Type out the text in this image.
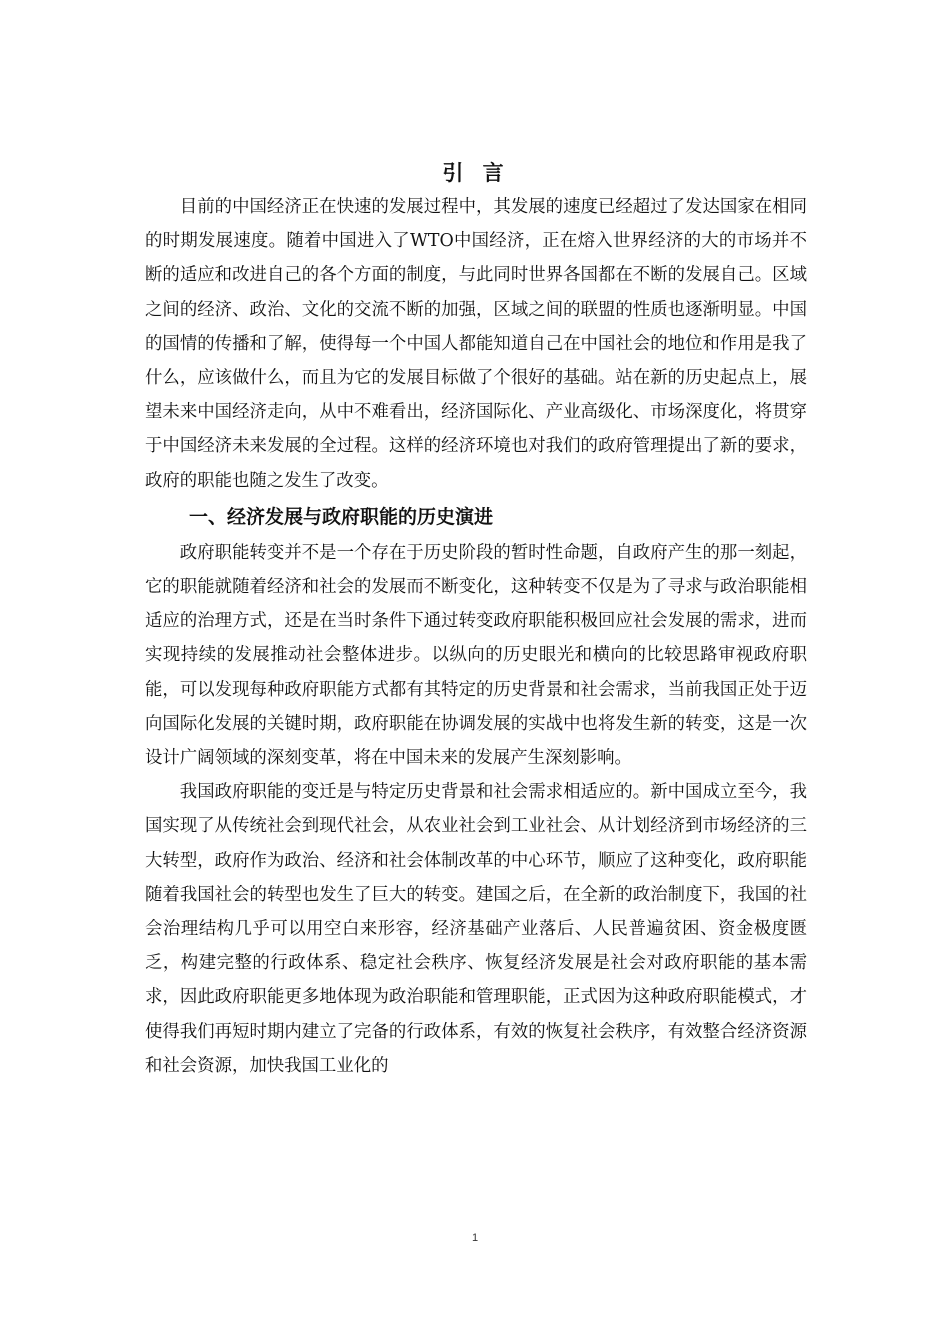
引 言

目前的中国经济正在快速的发展过程中，其发展的速度已经超过了发达国家在相同的时期发展速度。随着中国进入了WTO中国经济，正在熔入世界经济的大的市场并不断的适应和改进自己的各个方面的制度，与此同时世界各国都在不断的发展自己。区域之间的经济、政治、文化的交流不断的加强，区域之间的联盟的性质也逐渐明显。中国的国情的传播和了解，使得每一个中国人都能知道自己在中国社会的地位和作用是我了什么，应该做什么，而且为它的发展目标做了个很好的基础。站在新的历史起点上，展望未来中国经济走向，从中不难看出，经济国际化、产业高级化、市场深度化，将贯穿于中国经济未来发展的全过程。这样的经济环境也对我们的政府管理提出了新的要求，政府的职能也随之发生了改变。

一、经济发展与政府职能的历史演进

政府职能转变并不是一个存在于历史阶段的暂时性命题，自政府产生的那一刻起，它的职能就随着经济和社会的发展而不断变化，这种转变不仅是为了寻求与政治职能相适应的治理方式，还是在当时条件下通过转变政府职能积极回应社会发展的需求，进而实现持续的发展推动社会整体进步。以纵向的历史眼光和横向的比较思路审视政府职能，可以发现每种政府职能方式都有其特定的历史背景和社会需求，当前我国正处于迈向国际化发展的关键时期，政府职能在协调发展的实战中也将发生新的转变，这是一次设计广阔领域的深刻变革，将在中国未来的发展产生深刻影响。

我国政府职能的变迁是与特定历史背景和社会需求相适应的。新中国成立至今，我国实现了从传统社会到现代社会，从农业社会到工业社会、从计划经济到市场经济的三大转型，政府作为政治、经济和社会体制改革的中心环节，顺应了这种变化，政府职能随着我国社会的转型也发生了巨大的转变。建国之后，在全新的政治制度下，我国的社会治理结构几乎可以用空白来形容，经济基础产业落后、人民普遍贫困、资金极度匮乏，构建完整的行政体系、稳定社会秩序、恢复经济发展是社会对政府职能的基本需求，因此政府职能更多地体现为政治职能和管理职能，正式因为这种政府职能模式，才使得我们再短时期内建立了完备的行政体系，有效的恢复社会秩序，有效整合经济资源和社会资源，加快我国工业化的

1
